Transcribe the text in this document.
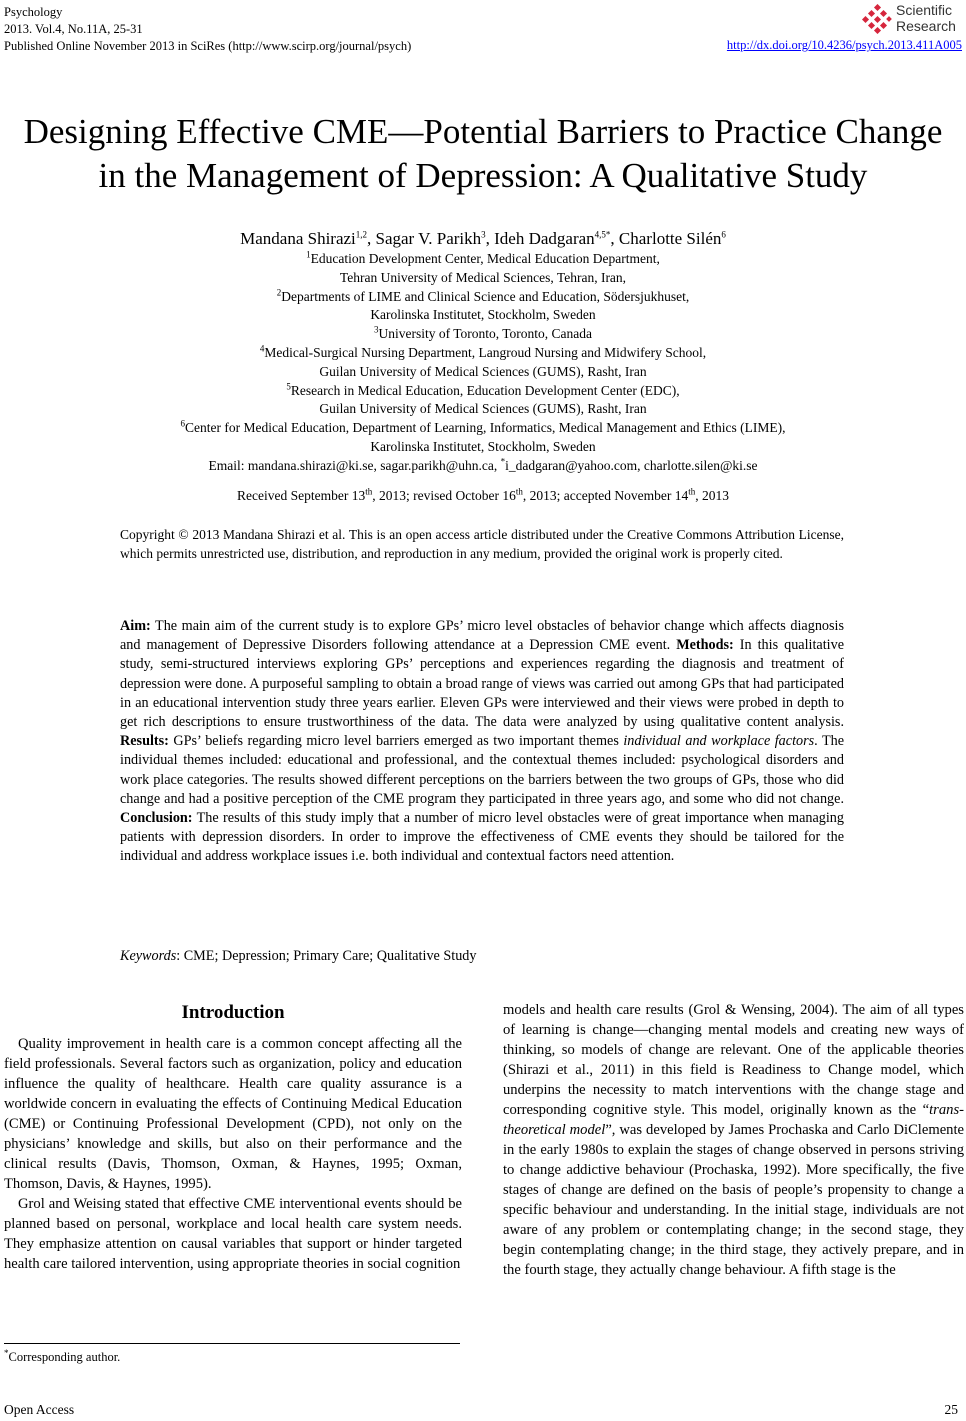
Psychology
2013. Vol.4, No.11A, 25-31
Published Online November 2013 in SciRes (http://www.scirp.org/journal/psych)
Scientific
Research
http://dx.doi.org/10.4236/psych.2013.411A005
Designing Effective CME—Potential Barriers to Practice Change
in the Management of Depression: A Qualitative Study
Mandana Shirazi$^{1,2}$, Sagar V. Parikh$^3$, Ideh Dadgaran$^{4,5*}$, Charlotte Silén$^6$
$^1$Education Development Center, Medical Education Department,
Tehran University of Medical Sciences, Tehran, Iran,
$^2$Departments of LIME and Clinical Science and Education, Södersjukhuset,
Karolinska Institutet, Stockholm, Sweden
$^3$University of Toronto, Toronto, Canada
$^4$Medical-Surgical Nursing Department, Langroud Nursing and Midwifery School,
Guilan University of Medical Sciences (GUMS), Rasht, Iran
$^5$Research in Medical Education, Education Development Center (EDC),
Guilan University of Medical Sciences (GUMS), Rasht, Iran
$^6$Center for Medical Education, Department of Learning, Informatics, Medical Management and Ethics (LIME),
Karolinska Institutet, Stockholm, Sweden
Email: mandana.shirazi@ki.se, sagar.parikh@uhn.ca, *i_dadgaran@yahoo.com, charlotte.silen@ki.se
Received September 13th, 2013; revised October 16th, 2013; accepted November 14th, 2013
Copyright © 2013 Mandana Shirazi et al. This is an open access article distributed under the Creative Commons Attribution License, which permits unrestricted use, distribution, and reproduction in any medium, provided the original work is properly cited.
Aim: The main aim of the current study is to explore GPs’ micro level obstacles of behavior change which affects diagnosis and management of Depressive Disorders following attendance at a Depression CME event. Methods: In this qualitative study, semi-structured interviews exploring GPs’ perceptions and experiences regarding the diagnosis and treatment of depression were done. A purposeful sampling to obtain a broad range of views was carried out among GPs that had participated in an educational intervention study three years earlier. Eleven GPs were interviewed and their views were probed in depth to get rich descriptions to ensure trustworthiness of the data. The data were analyzed by using qualitative content analysis. Results: GPs’ beliefs regarding micro level barriers emerged as two important themes individual and workplace factors. The individual themes included: educational and professional, and the contextual themes included: psychological disorders and work place categories. The results showed different perceptions on the barriers between the two groups of GPs, those who did change and had a positive perception of the CME program they participated in three years ago, and some who did not change. Conclusion: The results of this study imply that a number of micro level obstacles were of great importance when managing patients with depression disorders. In order to improve the effectiveness of CME events they should be tailored for the individual and address workplace issues i.e. both individual and contextual factors need attention.
Keywords: CME; Depression; Primary Care; Qualitative Study
Introduction

Quality improvement in health care is a common concept affecting all the field professionals. Several factors such as organization, policy and education influence the quality of healthcare. Health care quality assurance is a worldwide concern in evaluating the effects of Continuing Medical Education (CME) or Continuing Professional Development (CPD), not only on the physicians’ knowledge and skills, but also on their performance and the clinical results (Davis, Thomson, Oxman, & Haynes, 1995; Oxman, Thomson, Davis, & Haynes, 1995).

Grol and Weising stated that effective CME interventional events should be planned based on personal, workplace and local health care system needs. They emphasize attention on causal variables that support or hinder targeted health care tailored intervention, using appropriate theories in social cognition

models and health care results (Grol & Wensing, 2004). The aim of all types of learning is change—changing mental models and creating new ways of thinking, so models of change are relevant. One of the applicable theories (Shirazi et al., 2011) in this field is Readiness to Change model, which underpins the necessity to match interventions with the change stage and corresponding cognitive style. This model, originally known as the “trans-theoretical model”, was developed by James Prochaska and Carlo DiClemente in the early 1980s to explain the stages of change observed in persons striving to change addictive behaviour (Prochaska, 1992). More specifically, the five stages of change are defined on the basis of people’s propensity to change a specific behaviour and understanding. In the initial stage, individuals are not aware of any problem or contemplating change; in the second stage, they begin contemplating change; in the third stage, they actively prepare, and in the fourth stage, they actually change behaviour. A fifth stage is the

*Corresponding author.
Open Access	25
